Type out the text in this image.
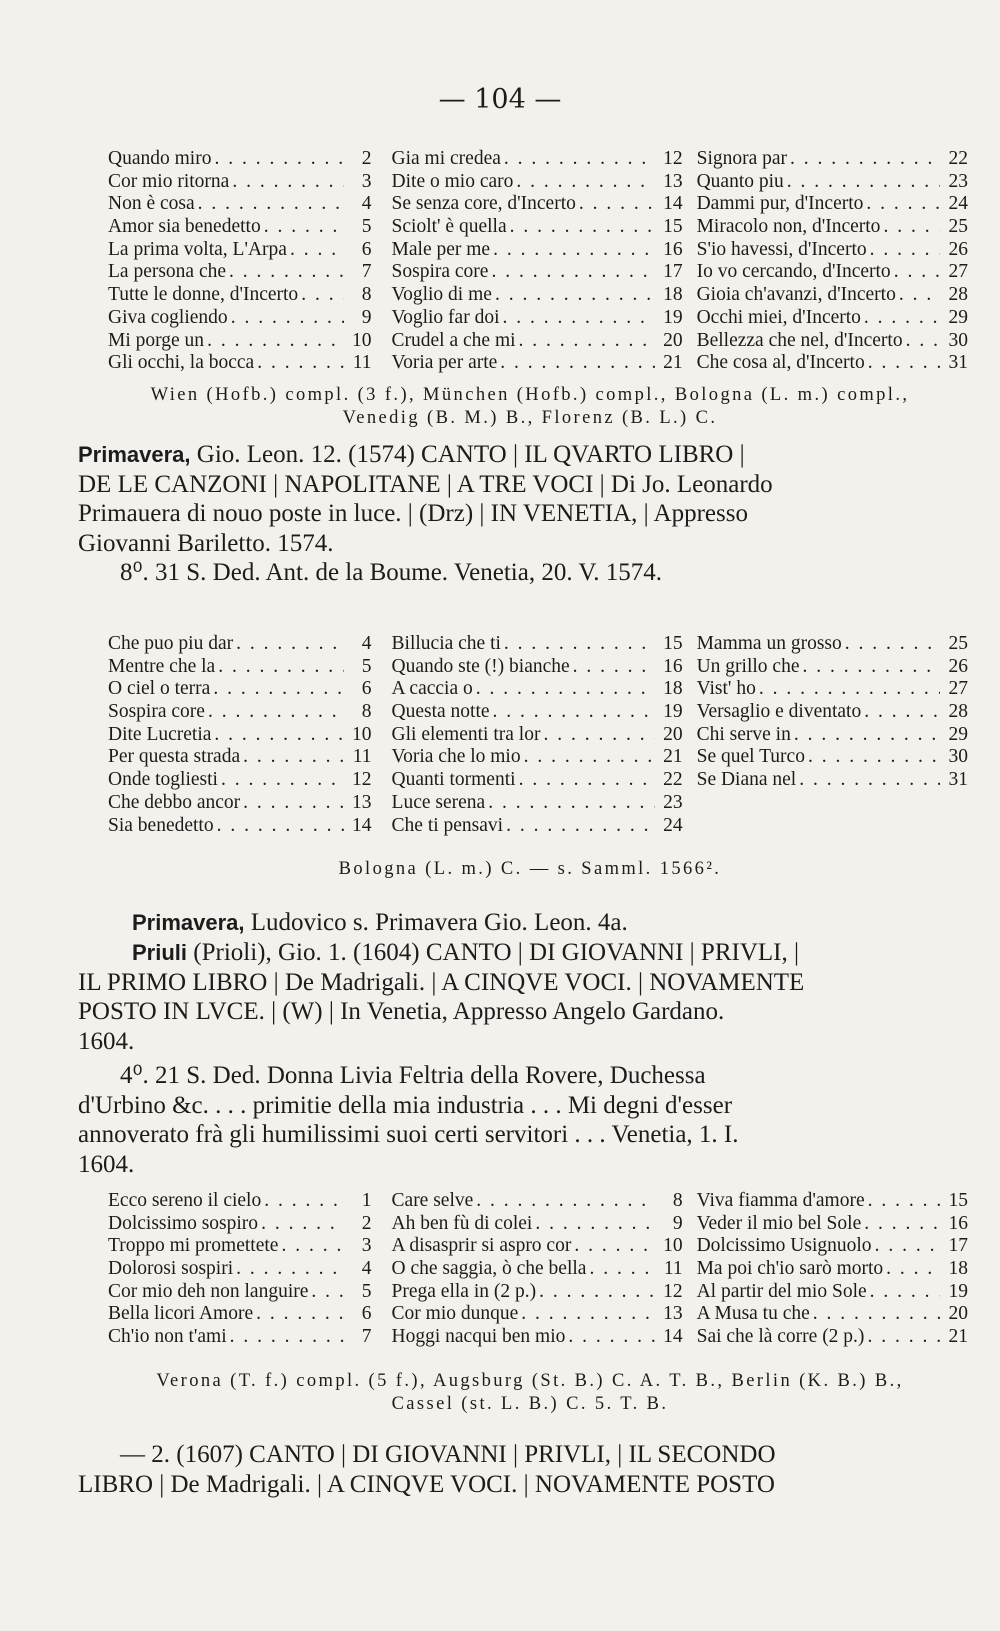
— 104 —
Quando miro . . .	2 Gia mi credea . . .	12 Signora par . . .	22
Cor mio ritorna . . .	3 Dite o mio caro . . .	13 Quanto piu . . .	23
Non è cosa . . .	4 Se senza core, d'Incerto . . .	14 Dammi pur, d'Incerto . . .	24
Amor sia benedetto . . .	5 Sciolt' è quella . . .	15 Miracolo non, d'Incerto . . .	25
La prima volta, L'Arpa . . .	6 Male per me . . .	16 S'io havessi, d'Incerto . . .	26
La persona che . . .	7 Sospira core . . .	17 Io vo cercando, d'Incerto . . .	27
Tutte le donne, d'Incerto . . .	8 Voglio di me . . .	18 Gioia ch'avanzi, d'Incerto . . .	28
Giva cogliendo . . .	9 Voglio far doi . . .	19 Occhi miei, d'Incerto . . .	29
Mi porge un . . .	10 Crudel a che mi . . .	20 Bellezza che nel, d'Incerto . . .	30
Gli occhi, la bocca . . .	11 Voria per arte . . .	21 Che cosa al, d'Incerto . . .	31
Wien (Hofb.) compl. (3 f.), München (Hofb.) compl., Bologna (L. m.) compl.,
Venedig (B. M.) B., Florenz (B. L.) C.
Primavera, Gio. Leon. 12. (1574) CANTO | IL QVARTO LIBRO |
DE LE CANZONI | NAPOLITANE | A TRE VOCI | Di Jo. Leonardo
Primauera di nouo poste in luce. | (Drz) | IN VENETIA, | Appresso
Giovanni Bariletto. 1574.
8⁰. 31 S. Ded. Ant. de la Boume. Venetia, 20. V. 1574.
Che puo piu dar . . .	4 Billucia che ti . . .	15 Mamma un grosso . . .	25
Mentre che la . . .	5 Quando ste (!) bianche . . .	16 Un grillo che . . .	26
O ciel o terra . . .	6 A caccia o . . .	18 Vist' ho . . .	27
Sospira core . . .	8 Questa notte . . .	19 Versaglio e diventato . . .	28
Dite Lucretia . . .	10 Gli elementi tra lor . . .	20 Chi serve in . . .	29
Per questa strada . . .	11 Voria che lo mio . . .	21 Se quel Turco . . .	30
Onde togliesti . . .	12 Quanti tormenti . . .	22 Se Diana nel . . .	31
Che debbo ancor . . .	13 Luce serena . . .	23
Sia benedetto . . .	14 Che ti pensavi . . .	24
Bologna (L. m.) C. — s. Samml. 1566².
Primavera, Ludovico s. Primavera Gio. Leon. 4a.
Priuli (Prioli), Gio. 1. (1604) CANTO | DI GIOVANNI | PRIVLI, |
IL PRIMO LIBRO | De Madrigali. | A CINQVE VOCI. | NOVAMENTE
POSTO IN LVCE. | (W) | In Venetia, Appresso Angelo Gardano.
1604.
4⁰. 21 S. Ded. Donna Livia Feltria della Rovere, Duchessa
d'Urbino &c. . . . primitie della mia industria . . . Mi degni d'esser
annoverato frà gli humilissimi suoi certi servitori . . . Venetia, 1. I.
1604.
Ecco sereno il cielo . . .	1 Care selve . . .	8 Viva fiamma d'amore . . .	15
Dolcissimo sospiro . . .	2 Ah ben fù di colei . . .	9 Veder il mio bel Sole . . .	16
Troppo mi promettete . . .	3 A disasprir si aspro cor . . .	10 Dolcissimo Usignuolo . . .	17
Dolorosi sospiri . . .	4 O che saggia, ò che bella . . .	11 Ma poi ch'io sarò morto . . .	18
Cor mio deh non languire . . .	5 Prega ella in (2 p.) . . .	12 Al partir del mio Sole . . .	19
Bella licori Amore . . .	6 Cor mio dunque . . .	13 A Musa tu che . . .	20
Ch'io non t'ami . . .	7 Hoggi nacqui ben mio . . .	14 Sai che là corre (2 p.) . . .	21
Verona (T. f.) compl. (5 f.), Augsburg (St. B.) C. A. T. B., Berlin (K. B.) B.,
Cassel (st. L. B.) C. 5. T. B.
— 2. (1607) CANTO | DI GIOVANNI | PRIVLI, | IL SECONDO
LIBRO | De Madrigali. | A CINQVE VOCI. | NOVAMENTE POSTO
